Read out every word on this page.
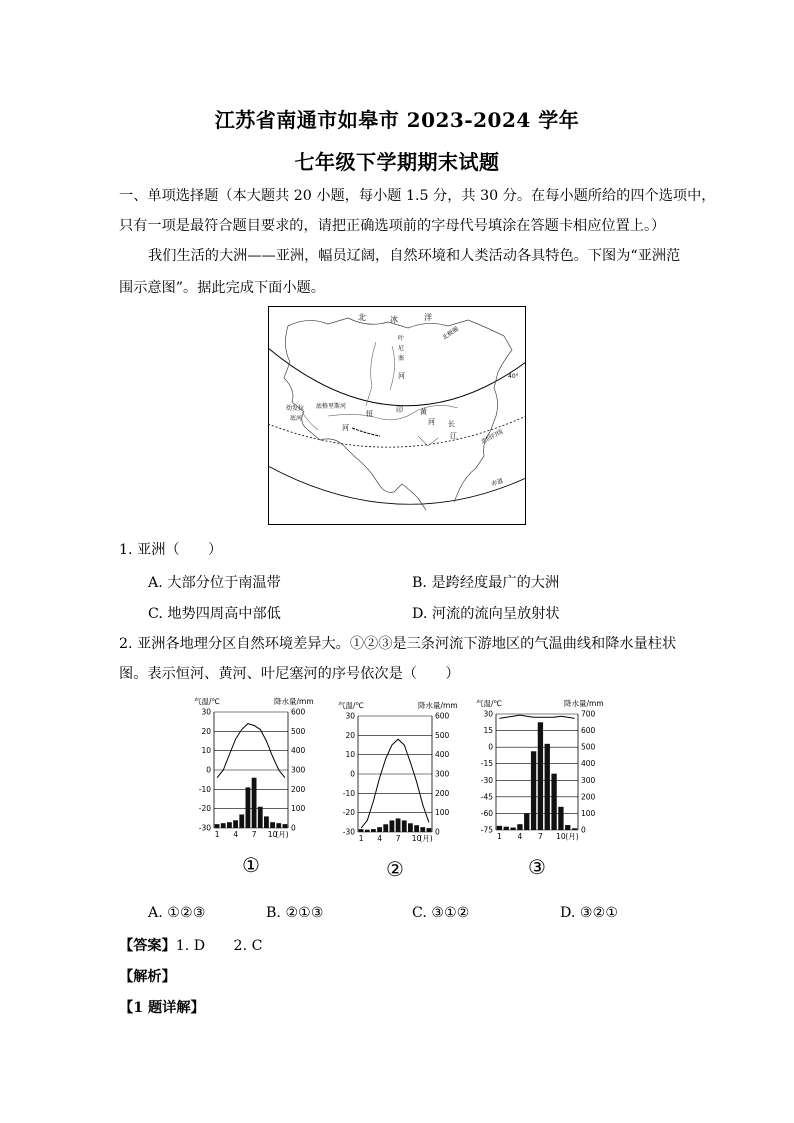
江苏省南通市如皋市 2023-2024 学年
七年级下学期期末试题
一、单项选择题（本大题共 20 小题，每小题 1.5 分，共 30 分。在每小题所给的四个选项中，
只有一项是最符合题目要求的，请把正确选项前的字母代号填涂在答题卡相应位置上。）
我们生活的大洲——亚洲，幅员辽阔，自然环境和人类活动各具特色。下图为“亚洲范
围示意图”。据此完成下面小题。
北	冰	洋
北极圈
叶
尼
塞
河	40°
幼发拉
底河
底格里斯河
恒
河
黄
河
印
长
江	北回归线
赤道
1. 亚洲（　　）
A. 大部分位于南温带	B. 是跨经度最广的大洲
C. 地势四周高中部低	D. 河流的流向呈放射状
2. 亚洲各地理分区自然环境差异大。①②③是三条河流下游地区的气温曲线和降水量柱状
图。表示恒河、黄河、叶尼塞河的序号依次是（　　）
气温/℃	降水量/mm
30	600
20	500
10	400
0	300
-10	200
-20	100
-30	0
1 4 7 10
(月)
①
气温/℃	降水量/mm
30	600
20	500
10	400
0	300
-10	200
-20	100
-30	0
1 4 7 10
(月)
②
气温/℃	降水量/mm
30	700
15	600
0	500
-15	400
-30	300
-45	200
-60	100
-75	0
1 4 7 10 (月)
③
A. ①②③	B. ②①③	C. ③①②	D. ③②①
【答案】1. D　　2. C
【解析】
【1 题详解】
